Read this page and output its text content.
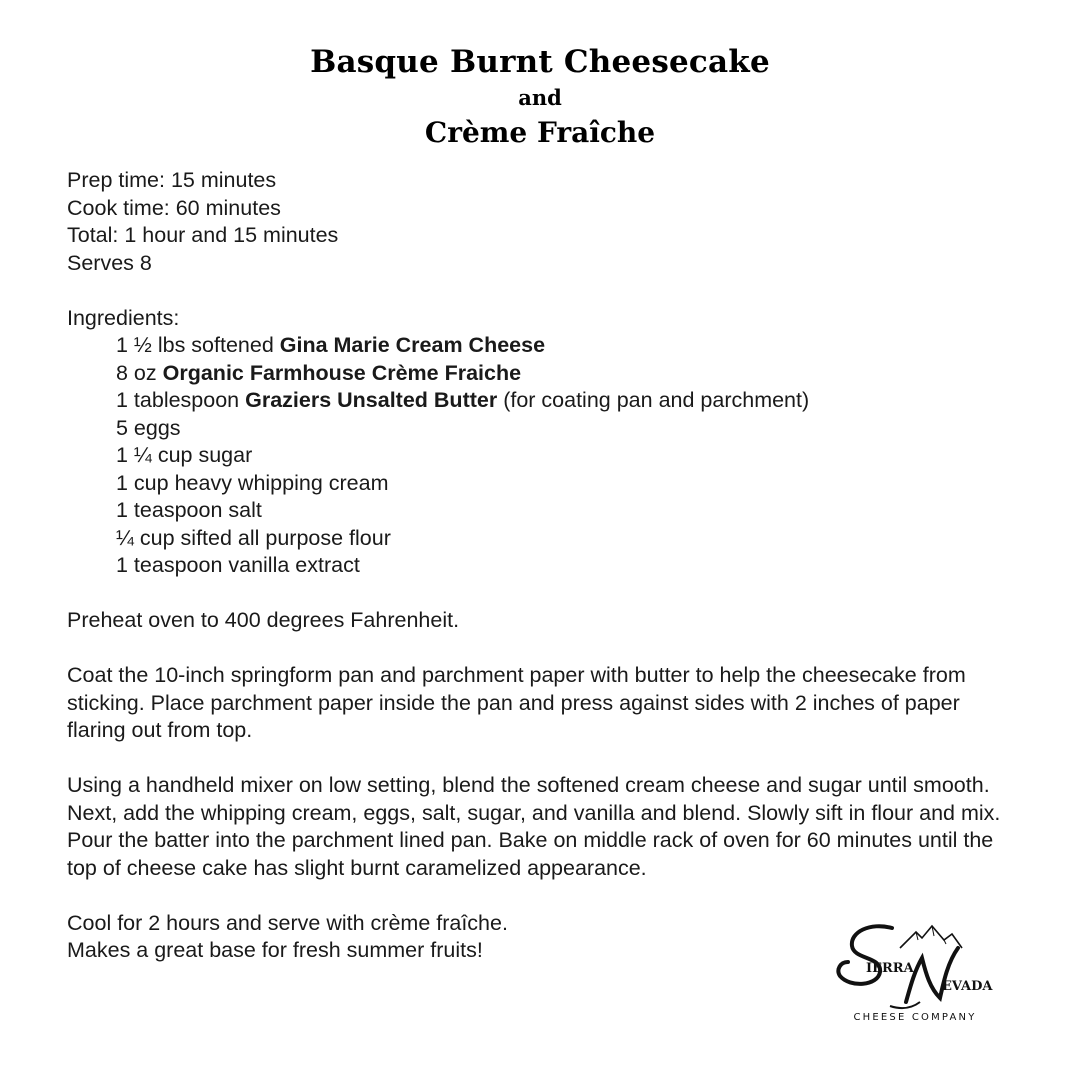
Basque Burnt Cheesecake
and
Crème Fraîche
Prep time: 15 minutes
Cook time: 60 minutes
Total: 1 hour and 15 minutes
Serves 8
Ingredients:
1 ½ lbs softened Gina Marie Cream Cheese
8 oz Organic Farmhouse Crème Fraiche
1 tablespoon Graziers Unsalted Butter (for coating pan and parchment)
5 eggs
1 ¼ cup sugar
1 cup heavy whipping cream
1 teaspoon salt
¼ cup sifted all purpose flour
1 teaspoon vanilla extract
Preheat oven to 400 degrees Fahrenheit.
Coat the 10-inch springform pan and parchment paper with butter to help the cheesecake from sticking. Place parchment paper inside the pan and press against sides with 2 inches of paper flaring out from top.
Using a handheld mixer on low setting, blend the softened cream cheese and sugar until smooth. Next, add the whipping cream, eggs, salt, sugar, and vanilla and blend. Slowly sift in flour and mix. Pour the batter into the parchment lined pan. Bake on middle rack of oven for 60 minutes until the top of cheese cake has slight burnt caramelized appearance.
Cool for 2 hours and serve with crème fraîche.
Makes a great base for fresh summer fruits!
IERRA
EVADA
CHEESE COMPANY
